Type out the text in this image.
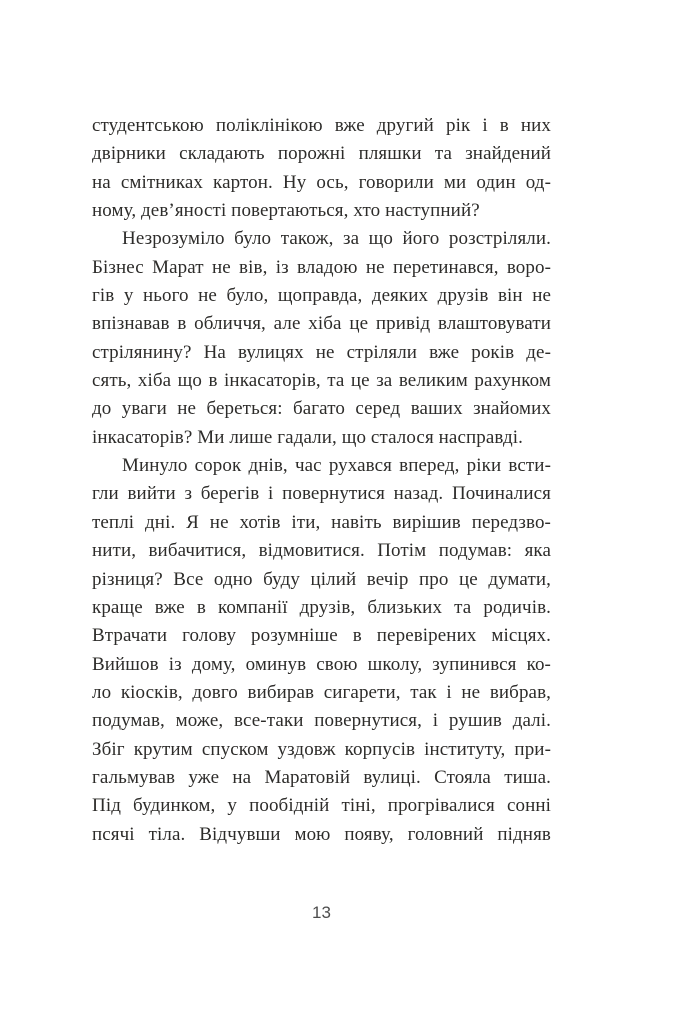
студентською поліклінікою вже другий рік і в них
двірники складають порожні пляшки та знайдений
на смітниках картон. Ну ось, говорили ми один од-
ному, дев’яності повертаються, хто наступний?
Незрозуміло було також, за що його розстріляли.
Бізнес Марат не вів, із владою не перетинався, воро-
гів у нього не було, щоправда, деяких друзів він не
впізнавав в обличчя, але хіба це привід влаштовувати
стрілянину? На вулицях не стріляли вже років де-
сять, хіба що в інкасаторів, та це за великим рахунком
до уваги не береться: багато серед ваших знайомих
інкасаторів? Ми лише гадали, що сталося насправді.
Минуло сорок днів, час рухався вперед, ріки всти-
гли вийти з берегів і повернутися назад. Починалися
теплі дні. Я не хотів іти, навіть вирішив передзво-
нити, вибачитися, відмовитися. Потім подумав: яка
різниця? Все одно буду цілий вечір про це думати,
краще вже в компанії друзів, близьких та родичів.
Втрачати голову розумніше в перевірених місцях.
Вийшов із дому, оминув свою школу, зупинився ко-
ло кіосків, довго вибирав сигарети, так і не вибрав,
подумав, може, все-таки повернутися, і рушив далі.
Збіг крутим спуском уздовж корпусів інституту, при-
гальмував уже на Маратовій вулиці. Стояла тиша.
Під будинком, у пообідній тіні, прогрівалися сонні
псячі тіла. Відчувши мою появу, головний підняв
13
